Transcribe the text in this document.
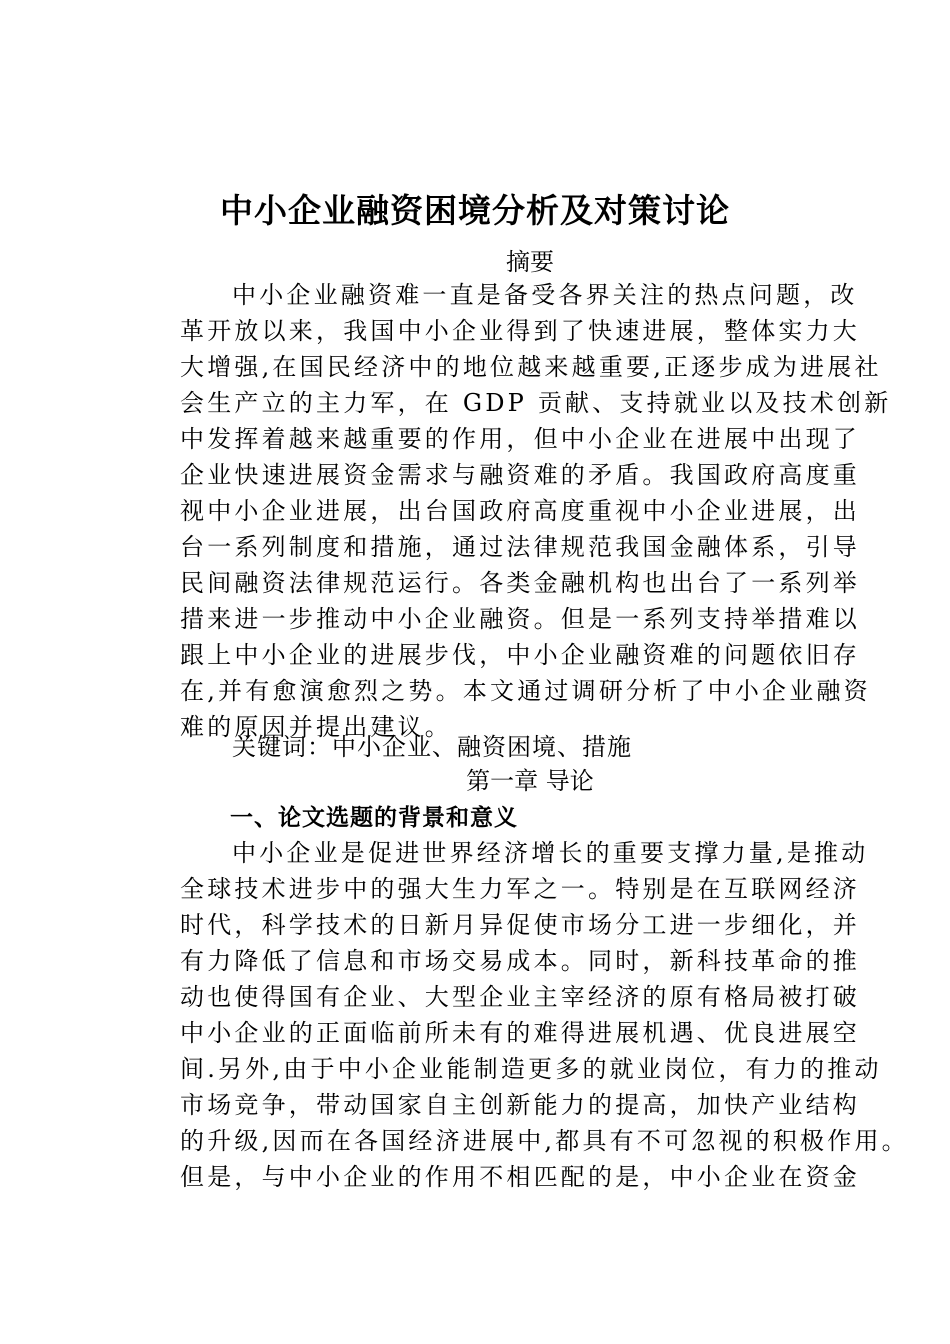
中小企业融资困境分析及对策讨论
摘要
中小企业融资难一直是备受各界关注的热点问题，改
革开放以来，我国中小企业得到了快速进展，整体实力大
大增强,在国民经济中的地位越来越重要,正逐步成为进展社
会生产立的主力军，在 GDP 贡献、支持就业以及技术创新
中发挥着越来越重要的作用，但中小企业在进展中出现了
企业快速进展资金需求与融资难的矛盾。我国政府高度重
视中小企业进展，出台国政府高度重视中小企业进展，出
台一系列制度和措施，通过法律规范我国金融体系，引导
民间融资法律规范运行。各类金融机构也出台了一系列举
措来进一步推动中小企业融资。但是一系列支持举措难以
跟上中小企业的进展步伐，中小企业融资难的问题依旧存
在,并有愈演愈烈之势。本文通过调研分析了中小企业融资
难的原因并提出建议。
关键词：中小企业、融资困境、措施
第一章 导论
一、论文选题的背景和意义
中小企业是促进世界经济增长的重要支撑力量,是推动
全球技术进步中的强大生力军之一。特别是在互联网经济
时代，科学技术的日新月异促使市场分工进一步细化，并
有力降低了信息和市场交易成本。同时，新科技革命的推
动也使得国有企业、大型企业主宰经济的原有格局被打破
中小企业的正面临前所未有的难得进展机遇、优良进展空
间.另外,由于中小企业能制造更多的就业岗位，有力的推动
市场竞争，带动国家自主创新能力的提高，加快产业结构
的升级,因而在各国经济进展中,都具有不可忽视的积极作用。
但是，与中小企业的作用不相匹配的是，中小企业在资金
